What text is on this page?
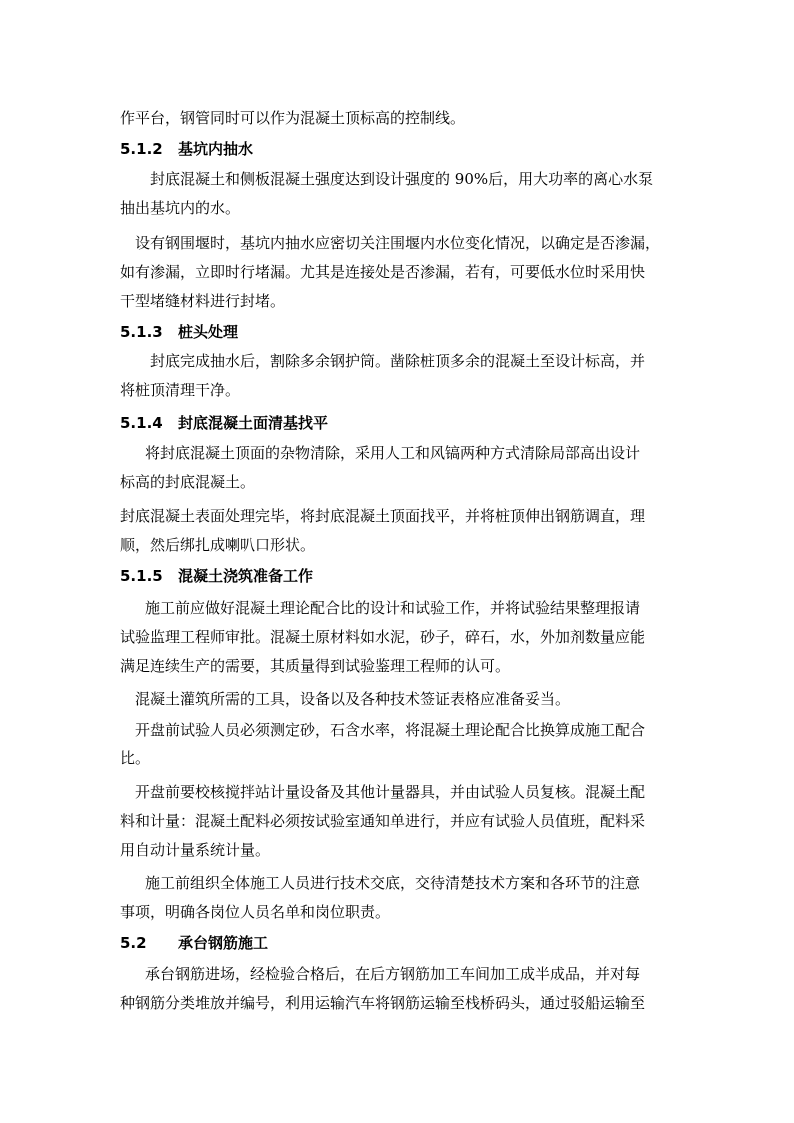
作平台，钢管同时可以作为混凝土顶标高的控制线。
5.1.2 基坑内抽水
封底混凝土和侧板混凝土强度达到设计强度的 90%后，用大功率的离心水泵
抽出基坑内的水。
设有钢围堰时，基坑内抽水应密切关注围堰内水位变化情况，以确定是否渗漏，
如有渗漏，立即时行堵漏。尤其是连接处是否渗漏，若有，可要低水位时采用快
干型堵缝材料进行封堵。
5.1.3 桩头处理
封底完成抽水后，割除多余钢护筒。凿除桩顶多余的混凝土至设计标高，并
将桩顶清理干净。
5.1.4 封底混凝土面清基找平
将封底混凝土顶面的杂物清除，采用人工和风镐两种方式清除局部高出设计
标高的封底混凝土。
封底混凝土表面处理完毕，将封底混凝土顶面找平，并将桩顶伸出钢筋调直，理
顺，然后绑扎成喇叭口形状。
5.1.5 混凝土浇筑准备工作
施工前应做好混凝土理论配合比的设计和试验工作，并将试验结果整理报请
试验监理工程师审批。混凝土原材料如水泥，砂子，碎石，水，外加剂数量应能
满足连续生产的需要，其质量得到试验鉴理工程师的认可。
混凝土灌筑所需的工具，设备以及各种技术签证表格应准备妥当。
开盘前试验人员必须测定砂，石含水率，将混凝土理论配合比换算成施工配合
比。
开盘前要校核搅拌站计量设备及其他计量器具，并由试验人员复核。混凝土配
料和计量：混凝土配料必须按试验室通知单进行，并应有试验人员值班，配料采
用自动计量系统计量。
施工前组织全体施工人员进行技术交底，交待清楚技术方案和各环节的注意
事项，明确各岗位人员名单和岗位职责。
5.2 承台钢筋施工
承台钢筋进场，经检验合格后，在后方钢筋加工车间加工成半成品，并对每
种钢筋分类堆放并编号，利用运输汽车将钢筋运输至栈桥码头，通过驳船运输至
